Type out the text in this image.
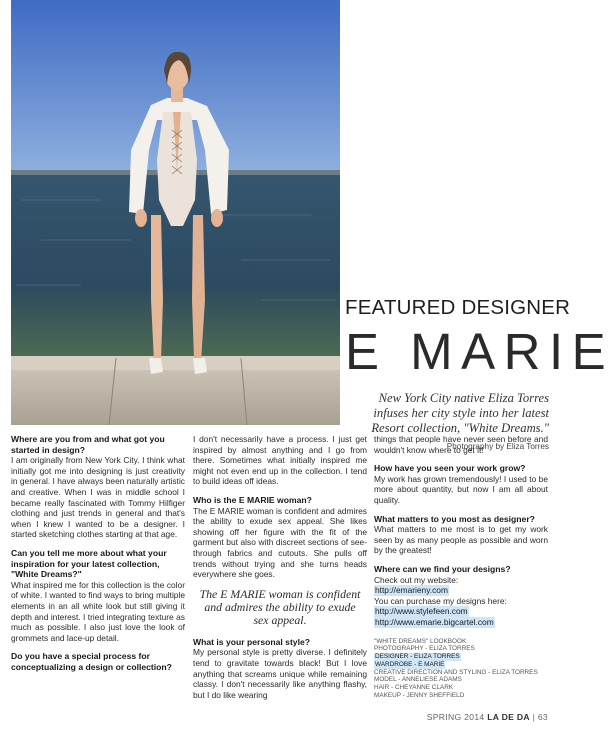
FEATURED DESIGNER
E MARIE
New York City native Eliza Torres infuses her city style into her latest Resort collection, "White Dreams."
Photography by Eliza Torres
Where are you from and what got you started in design?

I am originally from New York City. I think what initially got me into designing is just creativity in general. I have always been naturally artistic and creative. When I was in middle school I became really fascinated with Tommy Hilfiger clothing and just trends in general and that's when I knew I wanted to be a designer. I started sketching clothes starting at that age.

Can you tell me more about what your inspiration for your latest collection, "White Dreams?"

What inspired me for this collection is the color of white. I wanted to find ways to bring multiple elements in an all white look but still giving it depth and interest. I tried integrating texture as much as possible. I also just love the look of grommets and lace-up detail.

Do you have a special process for conceptualizing a design or collection?

I don't necessarily have a process. I just get inspired by almost anything and I go from there. Sometimes what initially inspired me might not even end up in the collection. I tend to build ideas off ideas.

Who is the E MARIE woman?

The E MARIE woman is confident and admires the ability to exude sex appeal. She likes showing off her figure with the fit of the garment but also with discreet sections of see-through fabrics and cutouts. She pulls off trends without trying and she turns heads everywhere she goes.

The E MARIE woman is confident and admires the ability to exude sex appeal.
What is your personal style?

My personal style is pretty diverse. I definitely tend to gravitate towards black! But I love anything that screams unique while remaining classy. I don't necessarily like anything flashy, but I do like wearing

things that people have never seen before and wouldn't know where to get it!

How have you seen your work grow?

My work has grown tremendously! I used to be more about quantity, but now I am all about quality.

What matters to you most as designer?

What matters to me most is to get my work seen by as many people as possible and worn by the greatest!

Where can we find your designs?
Check out my website:
http://emarieny.com
You can purchase my designs here:
http://www.stylefeen.com
http://www.emarie.bigcartel.com
"WHITE DREAMS" LOOKBOOK
PHOTOGRAPHY - ELIZA TORRES
DESIGNER - ELIZA TORRES
WARDROBE - E MARIE
CREATIVE DIRECTION AND STYLING - ELIZA TORRES
MODEL - ANNELIESE ADAMS
HAIR - CHEYANNE CLARK
MAKEUP - JENNY SHEFFIELD
SPRING 2014 LA DE DA | 63
